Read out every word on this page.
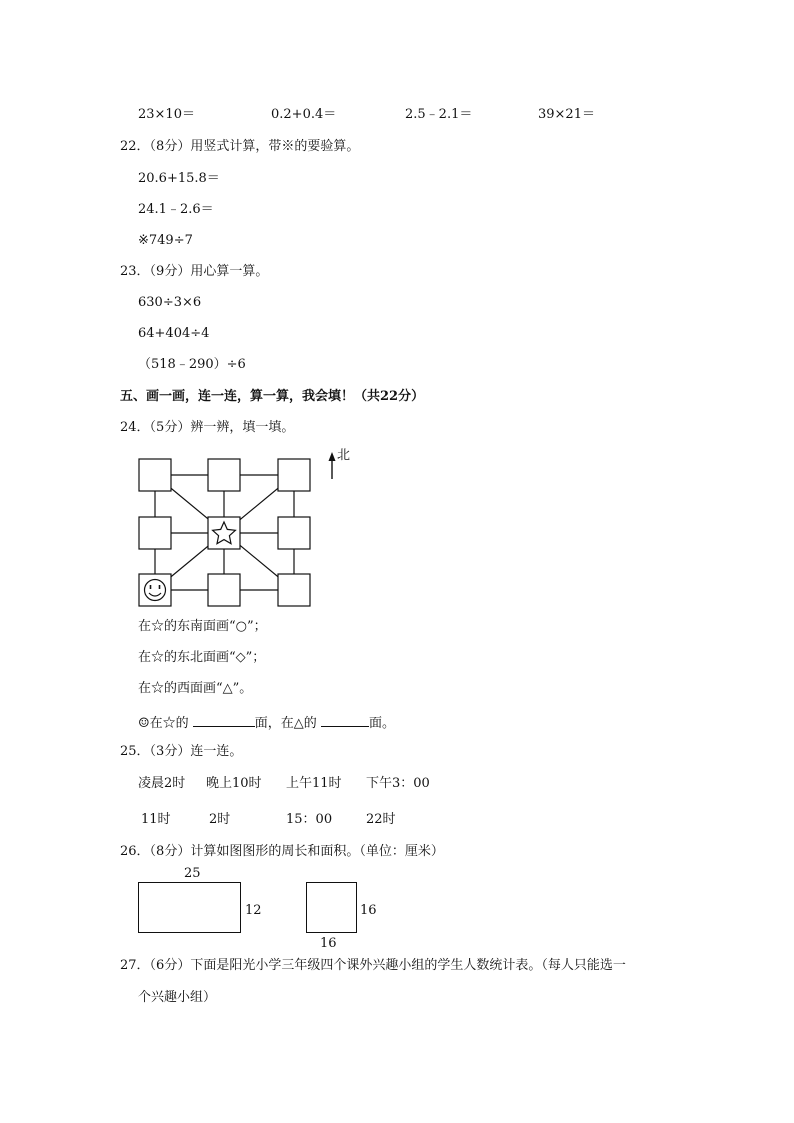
23×10＝	0.2+0.4＝	2.5﹣2.1＝	39×21＝
22．（8分）用竖式计算，带※的要验算。
20.6+15.8＝
24.1﹣2.6＝
※749÷7
23．（9分）用心算一算。
630÷3×6
64+404÷4
（518﹣290）÷6
五、画一画，连一连，算一算，我会填！（共22分）
24．（5分）辨一辨，填一填。
北
在☆的东南面画“○”；
在☆的东北面画“◇”；
在☆的西面画“△”。
☺在☆的	面，在△的	面。
25．（3分）连一连。
凌晨2时 晚上10时 上午11时 下午3：00
11时	2时	15：00	22时
26．（8分）计算如图图形的周长和面积。（单位：厘米）
25
12	16
16
27．（6分）下面是阳光小学三年级四个课外兴趣小组的学生人数统计表。（每人只能选一
个兴趣小组）
